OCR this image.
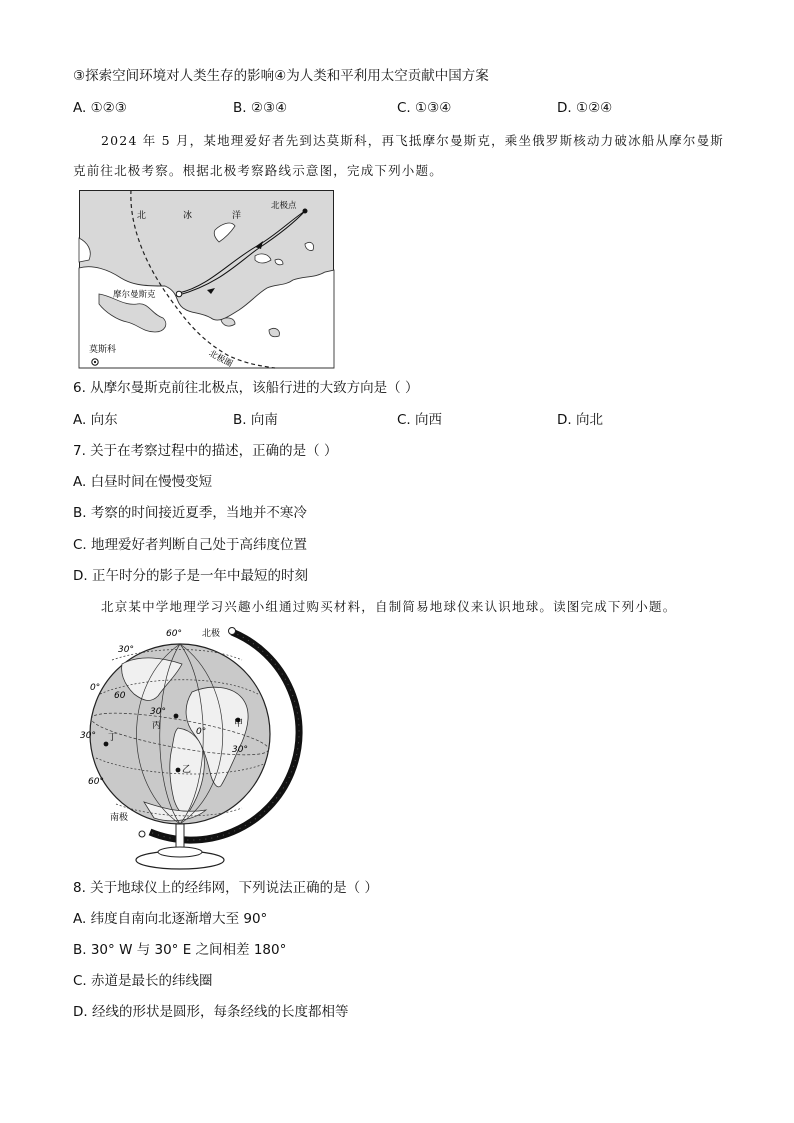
③探索空间环境对人类生存的影响④为人类和平利用太空贡献中国方案
A. ①②③	B. ②③④	C. ①③④	D. ①②④
2024 年 5 月，某地理爱好者先到达莫斯科，再飞抵摩尔曼斯克，乘坐俄罗斯核动力破冰船从摩尔曼斯
克前往北极考察。根据北极考察路线示意图，完成下列小题。
北	冰	洋
北极点
摩尔曼斯克
莫斯科	北极圈
6. 从摩尔曼斯克前往北极点，该船行进的大致方向是（ ）
A. 向东	B. 向南	C. 向西	D. 向北
7. 关于在考察过程中的描述，正确的是（ ）
A. 白昼时间在慢慢变短
B. 考察的时间接近夏季，当地并不寒冷
C. 地理爱好者判断自己处于高纬度位置
D. 正午时分的影子是一年中最短的时刻
北京某中学地理学习兴趣小组通过购买材料，自制简易地球仪来认识地球。读图完成下列小题。
北极
南极
60°
30°
0°
60
30°
60°
30°
0°
30°
甲
丙
丁
乙
8. 关于地球仪上的经纬网，下列说法正确的是（ ）
A. 纬度自南向北逐渐增大至 90°
B. 30° W 与 30° E 之间相差 180°
C. 赤道是最长的纬线圈
D. 经线的形状是圆形，每条经线的长度都相等
